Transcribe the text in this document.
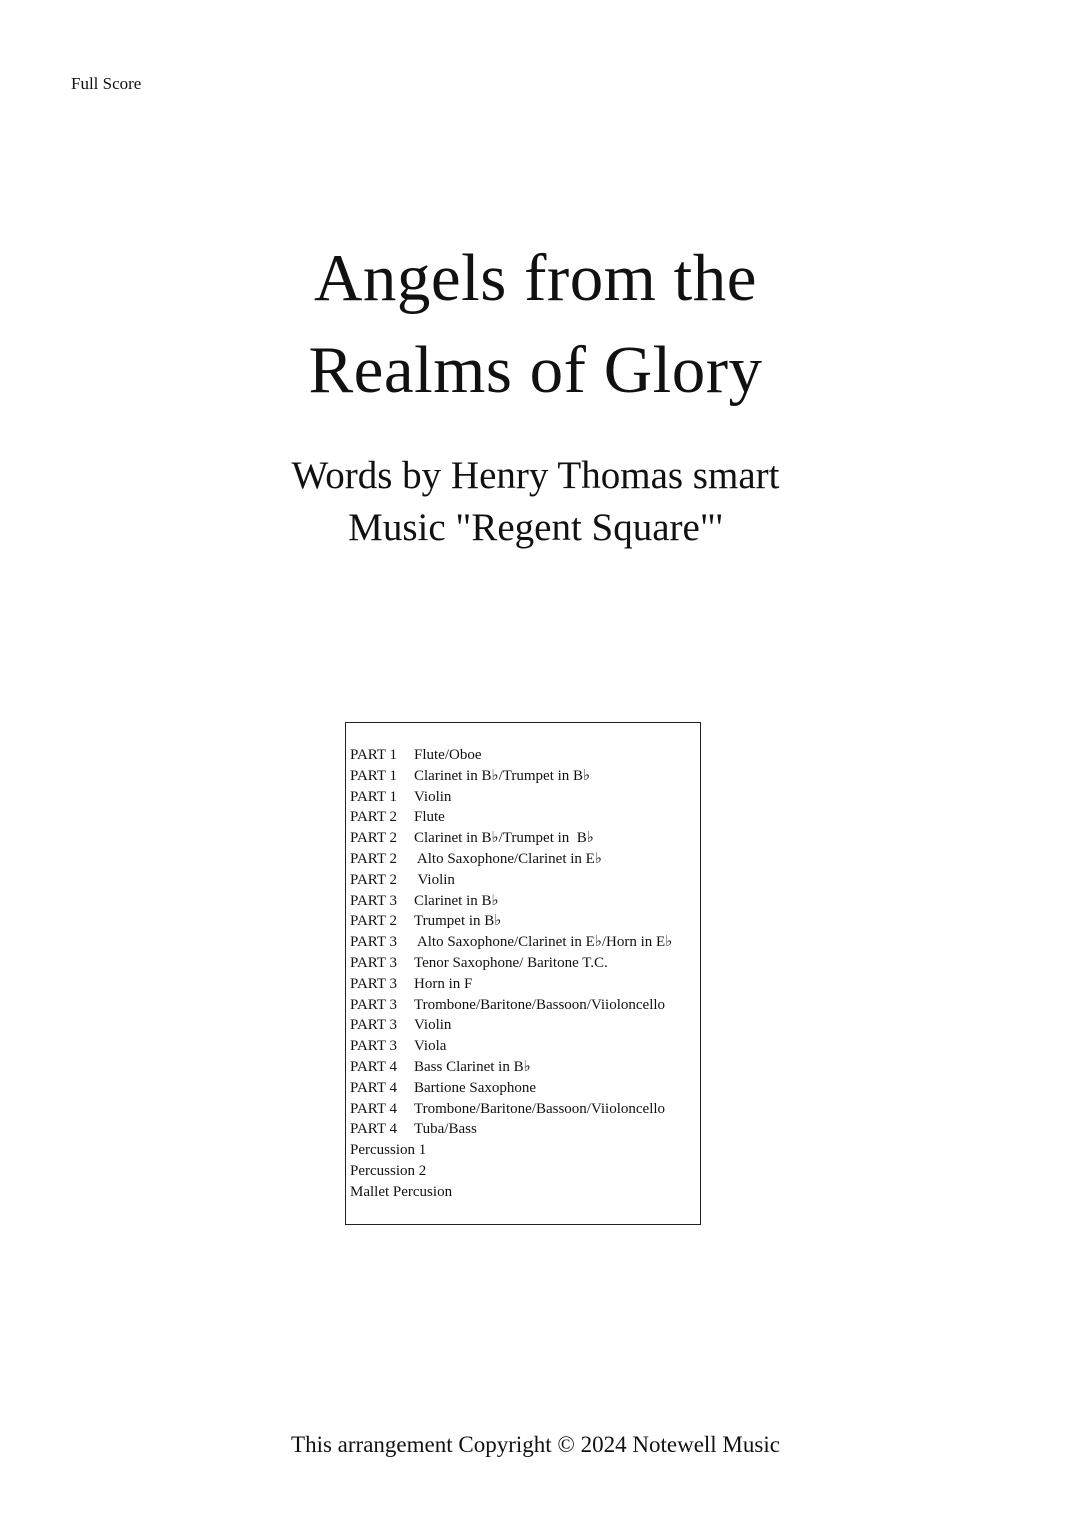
Full Score
Angels from the
Realms of Glory
Words by Henry Thomas smart
Music "Regent Square"'
PART 1	Flute/Oboe
PART 1	Clarinet in B♭/Trumpet in B♭
PART 1	Violin
PART 2	Flute
PART 2	Clarinet in B♭/Trumpet in  B♭
PART 2	Alto Saxophone/Clarinet in E♭
PART 2	Violin
PART 3	Clarinet in B♭
PART 2	Trumpet in B♭
PART 3	Alto Saxophone/Clarinet in E♭/Horn in E♭
PART 3	Tenor Saxophone/ Baritone T.C.
PART 3	Horn in F
PART 3	Trombone/Baritone/Bassoon/Viioloncello
PART 3	Violin
PART 3	Viola
PART 4	Bass Clarinet in B♭
PART 4	Bartione Saxophone
PART 4	Trombone/Baritone/Bassoon/Viioloncello
PART 4	Tuba/Bass
Percussion 1
Percussion 2
Mallet Percusion
This arrangement Copyright © 2024 Notewell Music
